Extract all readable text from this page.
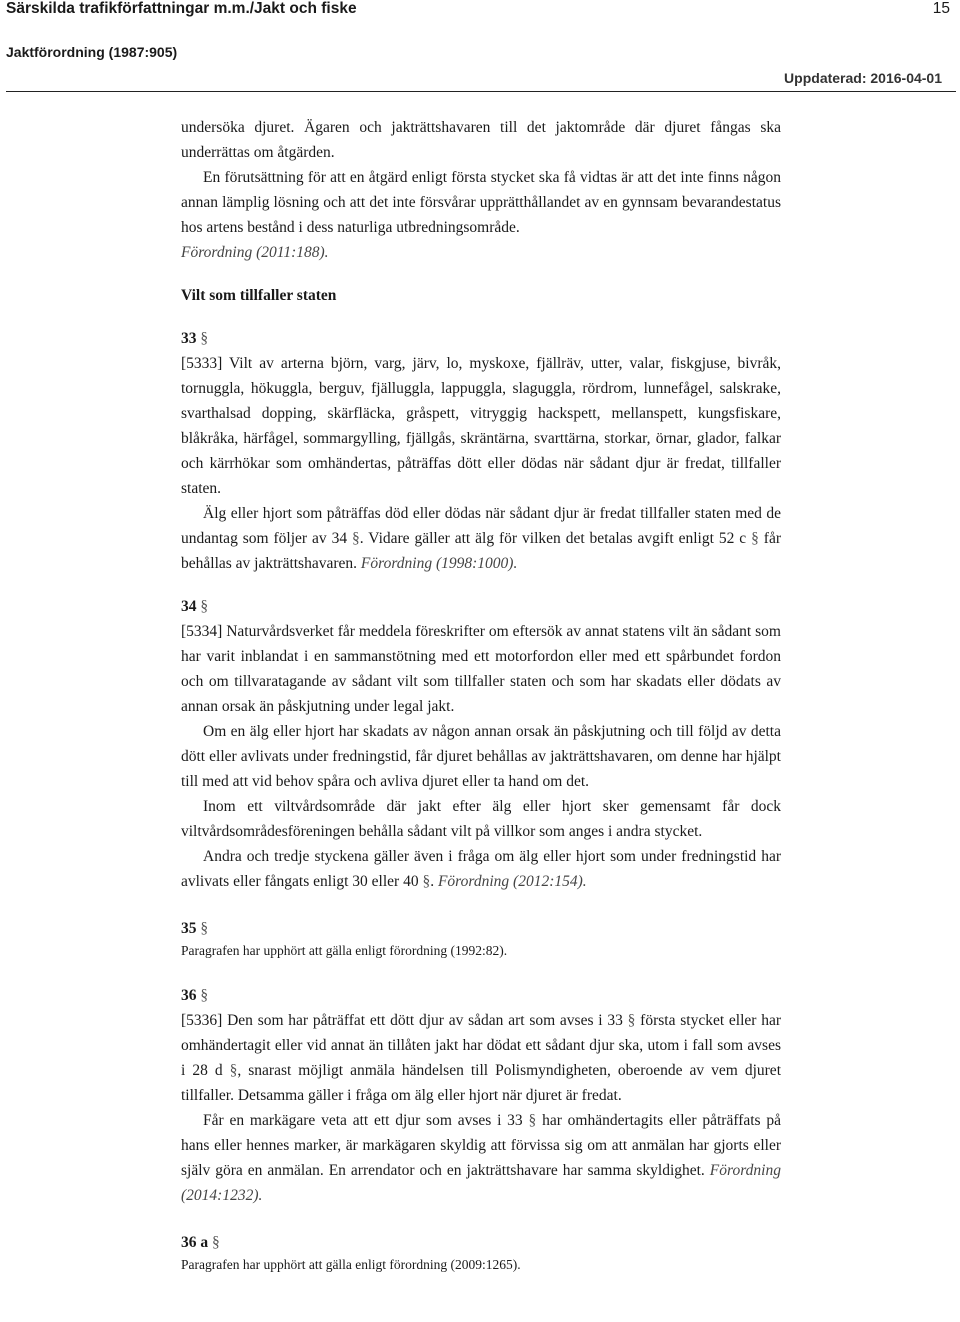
Särskilda trafikförfattningar m.m./Jakt och fiske	15
Jaktförordning (1987:905)
Uppdaterad: 2016-04-01

undersöka djuret. Ägaren och jakträttshavaren till det jaktområde där djuret fångas ska underrättas om åtgärden.

En förutsättning för att en åtgärd enligt första stycket ska få vidtas är att det inte finns någon annan lämplig lösning och att det inte försvårar upprätthållandet av en gynnsam bevarandestatus hos artens bestånd i dess naturliga utbredningsområde.
Förordning (2011:188).

Vilt som tillfaller staten

33 §

[5333] Vilt av arterna björn, varg, järv, lo, myskoxe, fjällräv, utter, valar, fiskgjuse, bivråk, tornuggla, hökuggla, berguv, fjälluggla, lappuggla, slaguggla, rördrom, lunnefågel, salskrake, svarthalsad dopping, skärfläcka, gråspett, vitryggig hackspett, mellanspett, kungsfiskare, blåkråka, härfågel, sommargylling, fjällgås, skräntärna, svarttärna, storkar, örnar, glador, falkar och kärrhökar som omhändertas, påträffas dött eller dödas när sådant djur är fredat, tillfaller staten.

Älg eller hjort som påträffas död eller dödas när sådant djur är fredat tillfaller staten med de undantag som följer av 34 §. Vidare gäller att älg för vilken det betalas avgift enligt 52 c § får behållas av jakträttshavaren. Förordning (1998:1000).

34 §

[5334] Naturvårdsverket får meddela föreskrifter om eftersök av annat statens vilt än sådant som har varit inblandat i en sammanstötning med ett motorfordon eller med ett spårbundet fordon och om tillvaratagande av sådant vilt som tillfaller staten och som har skadats eller dödats av annan orsak än påskjutning under legal jakt.

Om en älg eller hjort har skadats av någon annan orsak än påskjutning och till följd av detta dött eller avlivats under fredningstid, får djuret behållas av jakträttshavaren, om denne har hjälpt till med att vid behov spåra och avliva djuret eller ta hand om det.

Inom ett viltvårdsområde där jakt efter älg eller hjort sker gemensamt får dock viltvårdsområdesföreningen behålla sådant vilt på villkor som anges i andra stycket.

Andra och tredje styckena gäller även i fråga om älg eller hjort som under fredningstid har avlivats eller fångats enligt 30 eller 40 §. Förordning (2012:154).

35 §

Paragrafen har upphört att gälla enligt förordning (1992:82).

36 §

[5336] Den som har påträffat ett dött djur av sådan art som avses i 33 § första stycket eller har omhändertagit eller vid annat än tillåten jakt har dödat ett sådant djur ska, utom i fall som avses i 28 d §, snarast möjligt anmäla händelsen till Polismyndigheten, oberoende av vem djuret tillfaller. Detsamma gäller i fråga om älg eller hjort när djuret är fredat.

Får en markägare veta att ett djur som avses i 33 § har omhändertagits eller påträffats på hans eller hennes marker, är markägaren skyldig att förvissa sig om att anmälan har gjorts eller själv göra en anmälan. En arrendator och en jakträttshavare har samma skyldighet. Förordning (2014:1232).

36 a §

Paragrafen har upphört att gälla enligt förordning (2009:1265).
